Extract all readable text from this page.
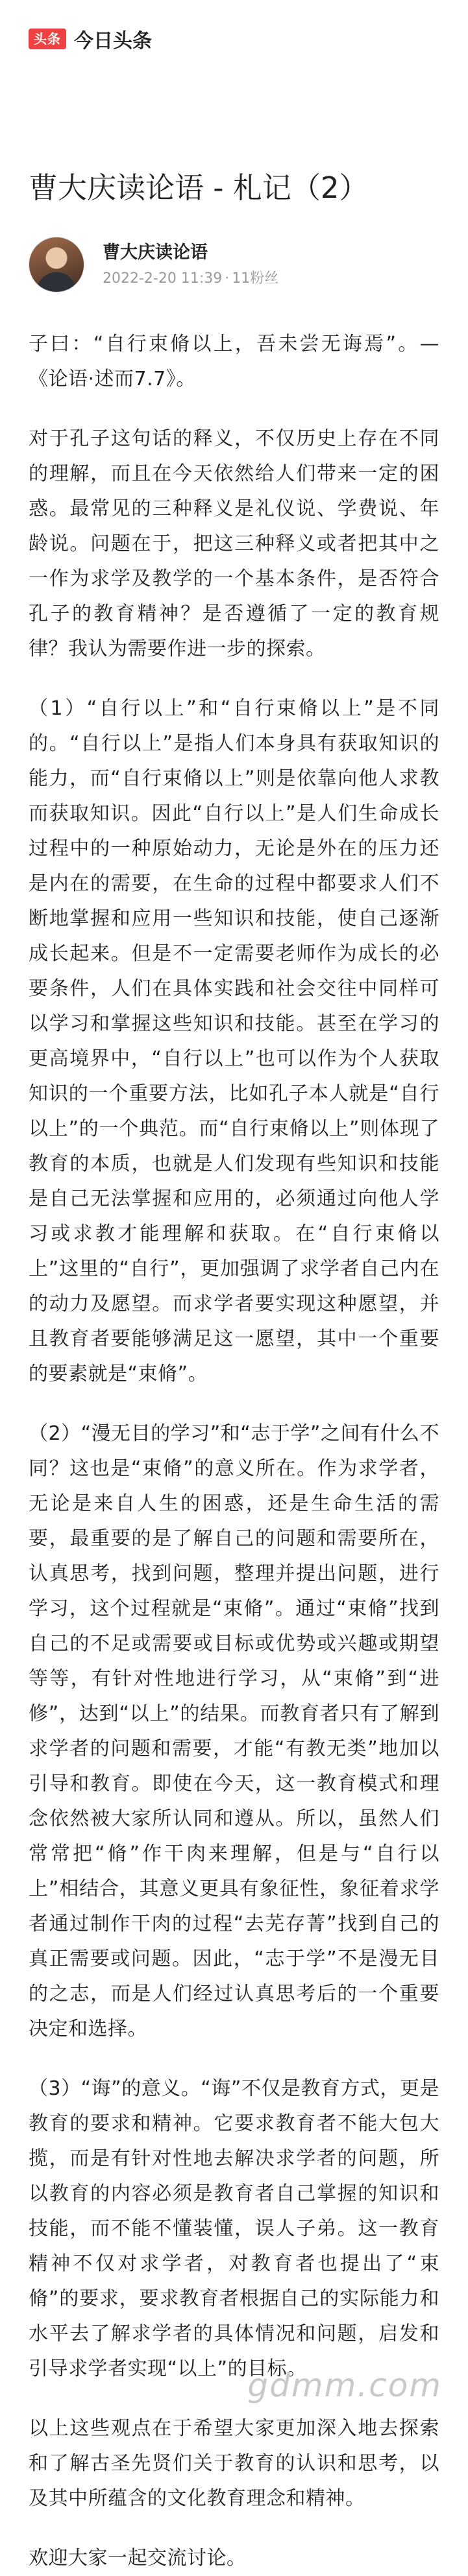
头条 今日头条
曹大庆读论语 - 札记（2）
曹大庆读论语
2022-2-20 11:39 · 11粉丝

子曰：“自行束脩以上，吾未尝无诲焉”。—《论语·述而7.7》。

对于孔子这句话的释义，不仅历史上存在不同的理解，而且在今天依然给人们带来一定的困惑。最常见的三种释义是礼仪说、学费说、年龄说。问题在于，把这三种释义或者把其中之一作为求学及教学的一个基本条件，是否符合孔子的教育精神？是否遵循了一定的教育规律？我认为需要作进一步的探索。

（1）“自行以上”和“自行束脩以上”是不同的。“自行以上”是指人们本身具有获取知识的能力，而“自行束脩以上”则是依靠向他人求教而获取知识。因此“自行以上”是人们生命成长过程中的一种原始动力，无论是外在的压力还是内在的需要，在生命的过程中都要求人们不断地掌握和应用一些知识和技能，使自己逐渐成长起来。但是不一定需要老师作为成长的必要条件，人们在具体实践和社会交往中同样可以学习和掌握这些知识和技能。甚至在学习的更高境界中，“自行以上”也可以作为个人获取知识的一个重要方法，比如孔子本人就是“自行以上”的一个典范。而“自行束脩以上”则体现了教育的本质，也就是人们发现有些知识和技能是自己无法掌握和应用的，必须通过向他人学习或求教才能理解和获取。在“自行束脩以上”这里的“自行”，更加强调了求学者自己内在的动力及愿望。而求学者要实现这种愿望，并且教育者要能够满足这一愿望，其中一个重要的要素就是“束脩”。

（2）“漫无目的学习”和“志于学”之间有什么不同？这也是“束脩”的意义所在。作为求学者，无论是来自人生的困惑，还是生命生活的需要，最重要的是了解自己的问题和需要所在，认真思考，找到问题，整理并提出问题，进行学习，这个过程就是“束脩”。通过“束脩”找到自己的不足或需要或目标或优势或兴趣或期望等等，有针对性地进行学习，从“束脩”到“进修”，达到“以上”的结果。而教育者只有了解到求学者的问题和需要，才能“有教无类”地加以引导和教育。即使在今天，这一教育模式和理念依然被大家所认同和遵从。所以，虽然人们常常把“脩”作干肉来理解，但是与“自行以上”相结合，其意义更具有象征性，象征着求学者通过制作干肉的过程“去芜存菁”找到自己的真正需要或问题。因此，“志于学”不是漫无目的之志，而是人们经过认真思考后的一个重要决定和选择。

（3）“诲”的意义。“诲”不仅是教育方式，更是教育的要求和精神。它要求教育者不能大包大揽，而是有针对性地去解决求学者的问题，所以教育的内容必须是教育者自己掌握的知识和技能，而不能不懂装懂，误人子弟。这一教育精神不仅对求学者，对教育者也提出了“束脩”的要求，要求教育者根据自己的实际能力和水平去了解求学者的具体情况和问题，启发和引导求学者实现“以上”的目标。

以上这些观点在于希望大家更加深入地去探索和了解古圣先贤们关于教育的认识和思考，以及其中所蕴含的文化教育理念和精神。

欢迎大家一起交流讨论。

gdmm.com
